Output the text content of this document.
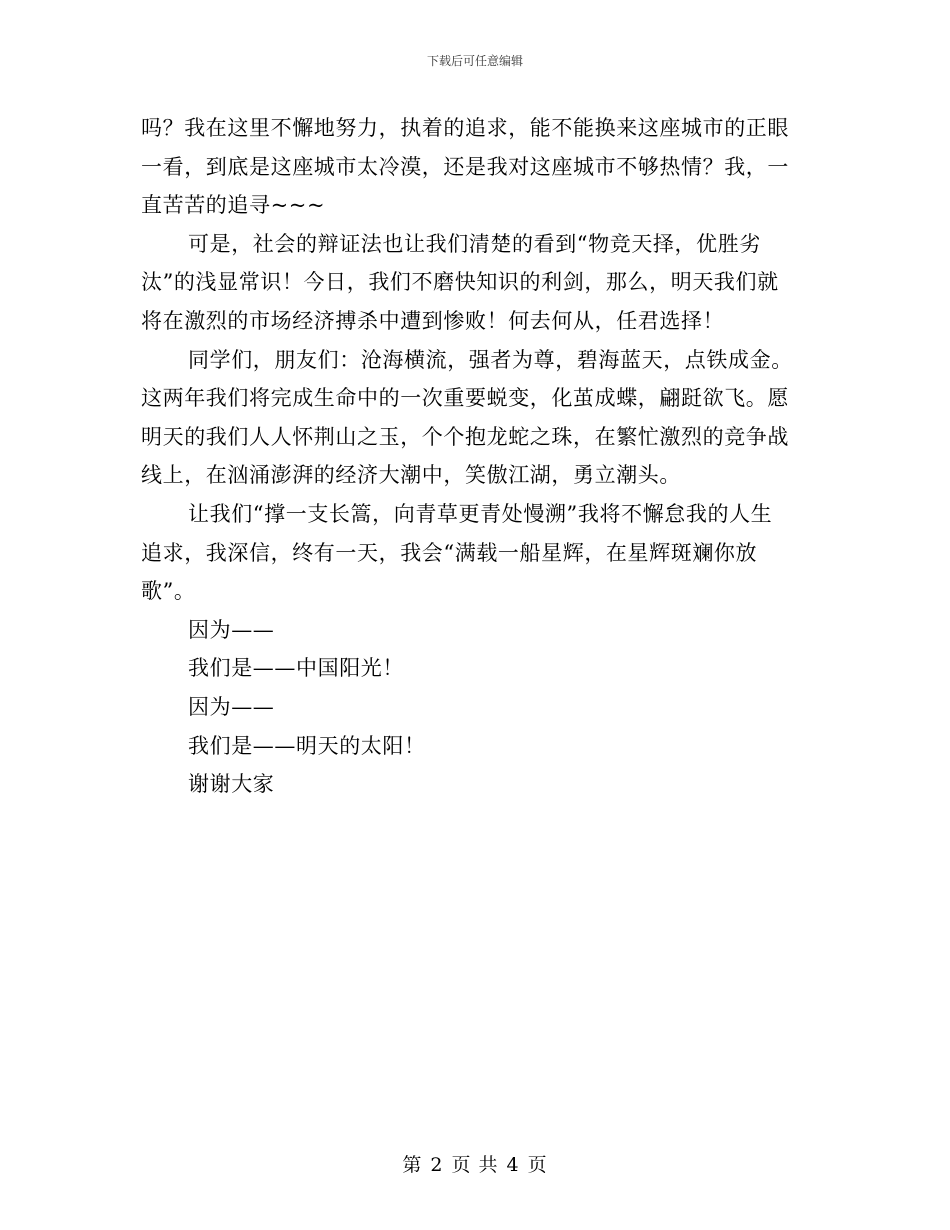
下载后可任意编辑
吗？我在这里不懈地努力，执着的追求，能不能换来这座城市的正眼
一看，到底是这座城市太冷漠，还是我对这座城市不够热情？我，一
直苦苦的追寻~~~
可是，社会的辩证法也让我们清楚的看到“物竞天择，优胜劣
汰”的浅显常识！今日，我们不磨快知识的利剑，那么，明天我们就
将在激烈的市场经济搏杀中遭到惨败！何去何从，任君选择！
同学们，朋友们：沧海横流，强者为尊，碧海蓝天，点铁成金。
这两年我们将完成生命中的一次重要蜕变，化茧成蝶，翩跹欲飞。愿
明天的我们人人怀荆山之玉，个个抱龙蛇之珠，在繁忙激烈的竞争战
线上，在汹涌澎湃的经济大潮中，笑傲江湖，勇立潮头。
让我们“撑一支长篙，向青草更青处慢溯”我将不懈怠我的人生
追求，我深信，终有一天，我会“满载一船星辉，在星辉斑斓你放
歌”。
因为——
我们是——中国阳光！
因为——
我们是——明天的太阳！
谢谢大家
第 2 页 共 4 页
